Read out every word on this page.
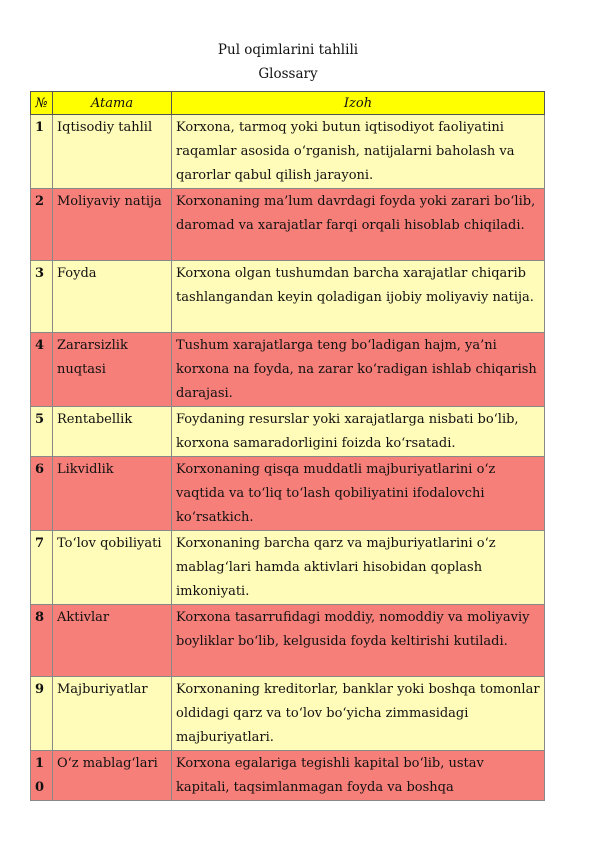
Pul oqimlarini tahlili
Glossary
№	Atama	Izoh
1	Iqtisodiy tahlil	Korxona, tarmoq yoki butun iqtisodiyot faoliyatini raqamlar asosida o‘rganish, natijalarni baholash va qarorlar qabul qilish jarayoni.
2	Moliyaviy natija	Korxonaning ma’lum davrdagi foyda yoki zarari bo‘lib, daromad va xarajatlar farqi orqali hisoblab chiqiladi.
3	Foyda	Korxona olgan tushumdan barcha xarajatlar chiqarib tashlangandan keyin qoladigan ijobiy moliyaviy natija.
4	Zararsizlik nuqtasi	Tushum xarajatlarga teng bo‘ladigan hajm, ya’ni korxona na foyda, na zarar ko‘radigan ishlab chiqarish darajasi.
5	Rentabellik	Foydaning resurslar yoki xarajatlarga nisbati bo‘lib, korxona samaradorligini foizda ko‘rsatadi.
6	Likvidlik	Korxonaning qisqa muddatli majburiyatlarini o‘z vaqtida va to‘liq to‘lash qobiliyatini ifodalovchi ko‘rsatkich.
7	To‘lov qobiliyati	Korxonaning barcha qarz va majburiyatlarini o‘z mablag‘lari hamda aktivlari hisobidan qoplash imkoniyati.
8	Aktivlar	Korxona tasarrufidagi moddiy, nomoddiy va moliyaviy boyliklar bo‘lib, kelgusida foyda keltirishi kutiladi.
9	Majburiyatlar	Korxonaning kreditorlar, banklar yoki boshqa tomonlar oldidagi qarz va to‘lov bo‘yicha zimmasidagi majburiyatlari.
10	O‘z mablag‘lari	Korxona egalariga tegishli kapital bo‘lib, ustav kapitali, taqsimlanmagan foyda va boshqa
